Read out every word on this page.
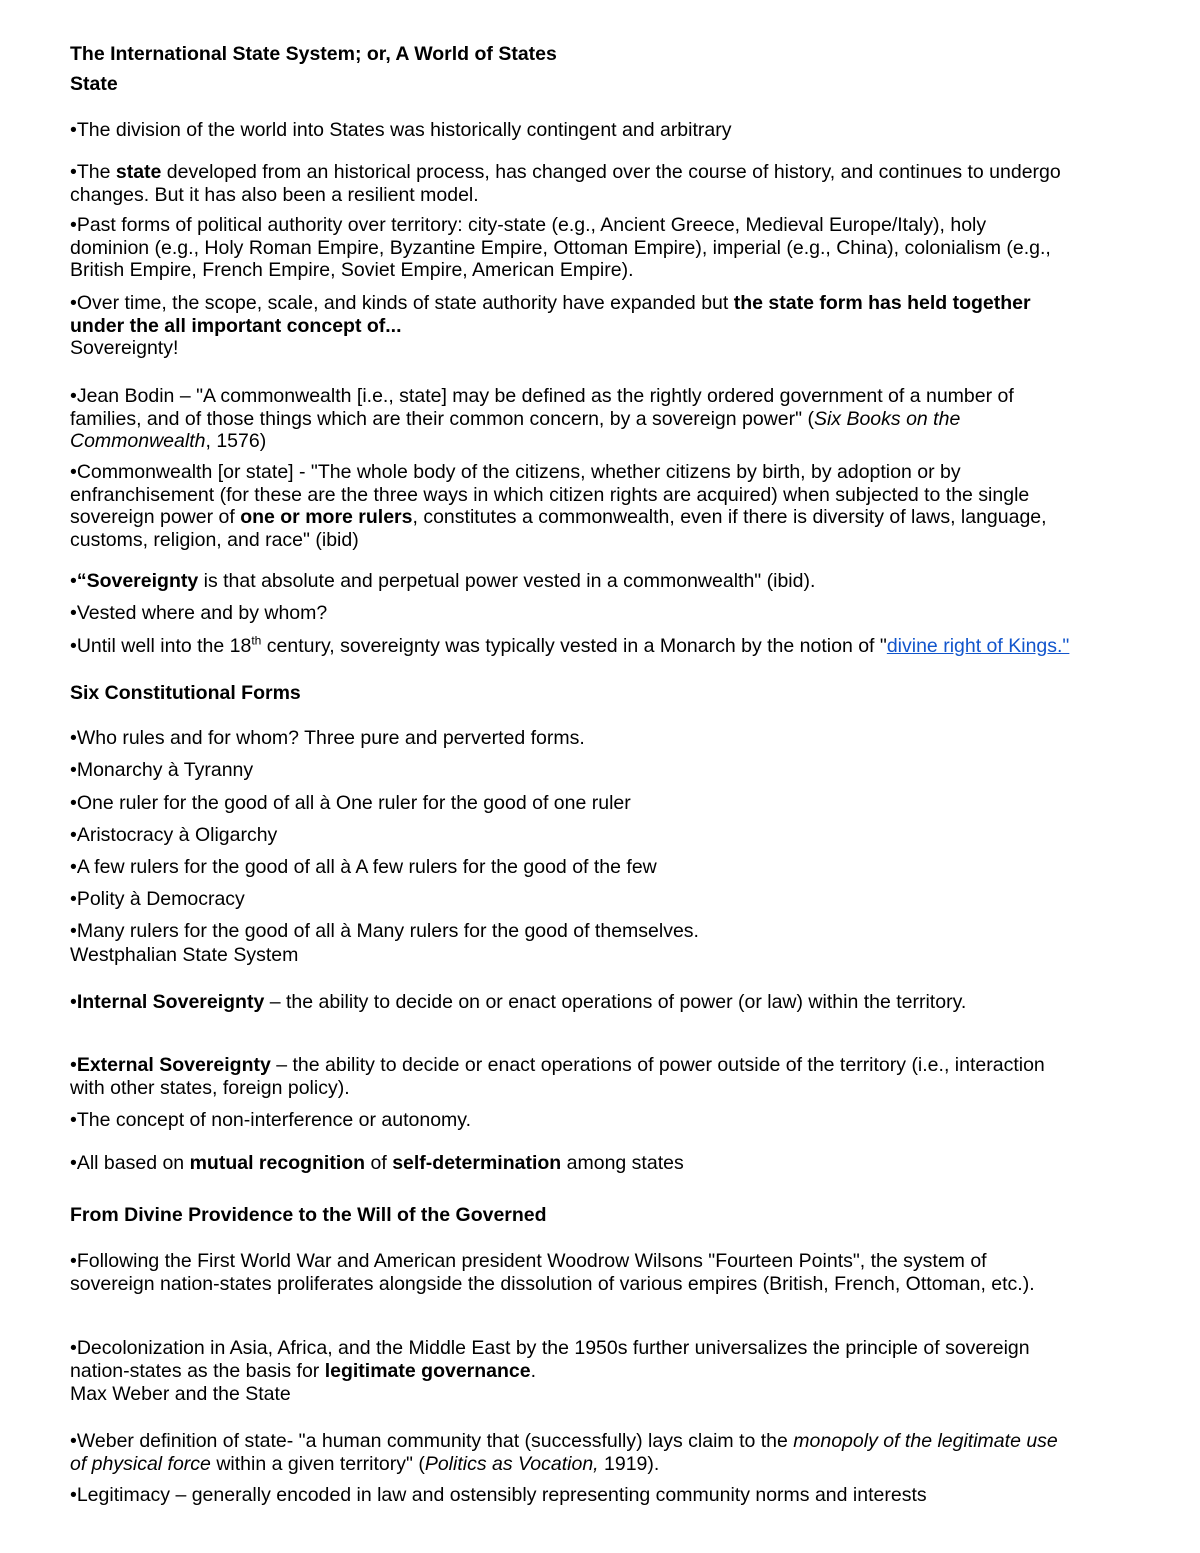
The International State System; or, A World of States

State

•The division of the world into States was historically contingent and arbitrary

•The state developed from an historical process, has changed over the course of history, and continues to undergo changes. But it has also been a resilient model.

•Past forms of political authority over territory: city-state (e.g., Ancient Greece, Medieval Europe/Italy), holy dominion (e.g., Holy Roman Empire, Byzantine Empire, Ottoman Empire), imperial (e.g., China), colonialism (e.g., British Empire, French Empire, Soviet Empire, American Empire).

•Over time, the scope, scale, and kinds of state authority have expanded but the state form has held together under the all important concept of...
Sovereignty!

•Jean Bodin – "A commonwealth [i.e., state] may be defined as the rightly ordered government of a number of families, and of those things which are their common concern, by a sovereign power" (Six Books on the Commonwealth, 1576)

•Commonwealth [or state] - "The whole body of the citizens, whether citizens by birth, by adoption or by enfranchisement (for these are the three ways in which citizen rights are acquired) when subjected to the single sovereign power of one or more rulers, constitutes a commonwealth, even if there is diversity of laws, language, customs, religion, and race" (ibid)

•“Sovereignty is that absolute and perpetual power vested in a commonwealth" (ibid).

•Vested where and by whom?

•Until well into the 18th century, sovereignty was typically vested in a Monarch by the notion of "divine right of Kings."

Six Constitutional Forms

•Who rules and for whom? Three pure and perverted forms.

•Monarchy à Tyranny

•One ruler for the good of all à One ruler for the good of one ruler

•Aristocracy à Oligarchy

•A few rulers for the good of all à A few rulers for the good of the few

•Polity à Democracy

•Many rulers for the good of all à Many rulers for the good of themselves.

Westphalian State System

•Internal Sovereignty – the ability to decide on or enact operations of power (or law) within the territory.

•External Sovereignty – the ability to decide or enact operations of power outside of the territory (i.e., interaction with other states, foreign policy).

•The concept of non-interference or autonomy.

•All based on mutual recognition of self-determination among states

From Divine Providence to the Will of the Governed

•Following the First World War and American president Woodrow Wilsons "Fourteen Points", the system of sovereign nation-states proliferates alongside the dissolution of various empires (British, French, Ottoman, etc.).

•Decolonization in Asia, Africa, and the Middle East by the 1950s further universalizes the principle of sovereign nation-states as the basis for legitimate governance.

Max Weber and the State

•Weber definition of state- "a human community that (successfully) lays claim to the monopoly of the legitimate use of physical force within a given territory" (Politics as Vocation, 1919).

•Legitimacy – generally encoded in law and ostensibly representing community norms and interests
